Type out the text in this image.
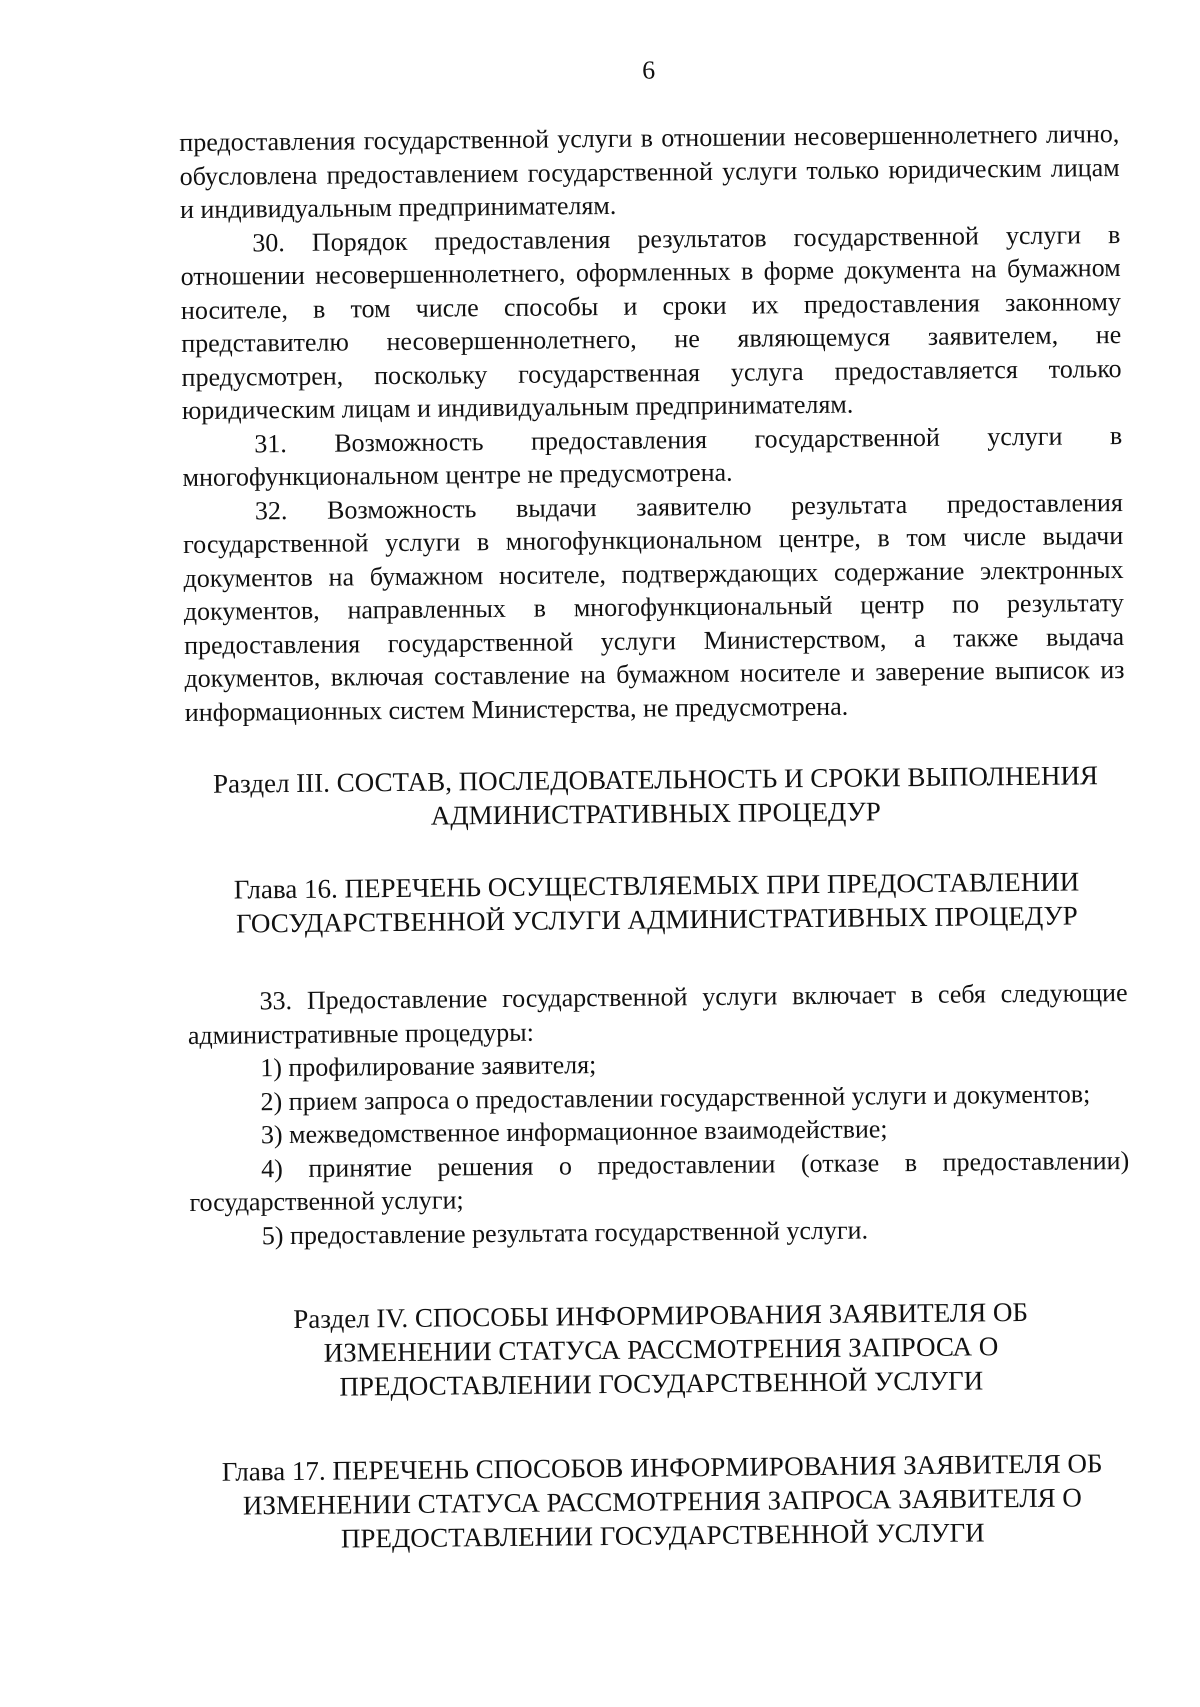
6

предоставления государственной услуги в отношении несовершеннолетнего лично, обусловлена предоставлением государственной услуги только юридическим лицам и индивидуальным предпринимателям.

30. Порядок предоставления результатов государственной услуги в отношении несовершеннолетнего, оформленных в форме документа на бумажном носителе, в том числе способы и сроки их предоставления законному представителю несовершеннолетнего, не являющемуся заявителем, не предусмотрен, поскольку государственная услуга предоставляется только юридическим лицам и индивидуальным предпринимателям.

31. Возможность предоставления государственной услуги в многофункциональном центре не предусмотрена.

32. Возможность выдачи заявителю результата предоставления государственной услуги в многофункциональном центре, в том числе выдачи документов на бумажном носителе, подтверждающих содержание электронных документов, направленных в многофункциональный центр по результату предоставления государственной услуги Министерством, а также выдача документов, включая составление на бумажном носителе и заверение выписок из информационных систем Министерства, не предусмотрена.

Раздел III. СОСТАВ, ПОСЛЕДОВАТЕЛЬНОСТЬ И СРОКИ ВЫПОЛНЕНИЯ
АДМИНИСТРАТИВНЫХ ПРОЦЕДУР
Глава 16. ПЕРЕЧЕНЬ ОСУЩЕСТВЛЯЕМЫХ ПРИ ПРЕДОСТАВЛЕНИИ
ГОСУДАРСТВЕННОЙ УСЛУГИ АДМИНИСТРАТИВНЫХ ПРОЦЕДУР

33. Предоставление государственной услуги включает в себя следующие административные процедуры:

1) профилирование заявителя;

2) прием запроса о предоставлении государственной услуги и документов;

3) межведомственное информационное взаимодействие;

4) принятие решения о предоставлении (отказе в предоставлении) государственной услуги;

5) предоставление результата государственной услуги.

Раздел IV. СПОСОБЫ ИНФОРМИРОВАНИЯ ЗАЯВИТЕЛЯ ОБ
ИЗМЕНЕНИИ СТАТУСА РАССМОТРЕНИЯ ЗАПРОСА О
ПРЕДОСТАВЛЕНИИ ГОСУДАРСТВЕННОЙ УСЛУГИ
Глава 17. ПЕРЕЧЕНЬ СПОСОБОВ ИНФОРМИРОВАНИЯ ЗАЯВИТЕЛЯ ОБ
ИЗМЕНЕНИИ СТАТУСА РАССМОТРЕНИЯ ЗАПРОСА ЗАЯВИТЕЛЯ О
ПРЕДОСТАВЛЕНИИ ГОСУДАРСТВЕННОЙ УСЛУГИ
